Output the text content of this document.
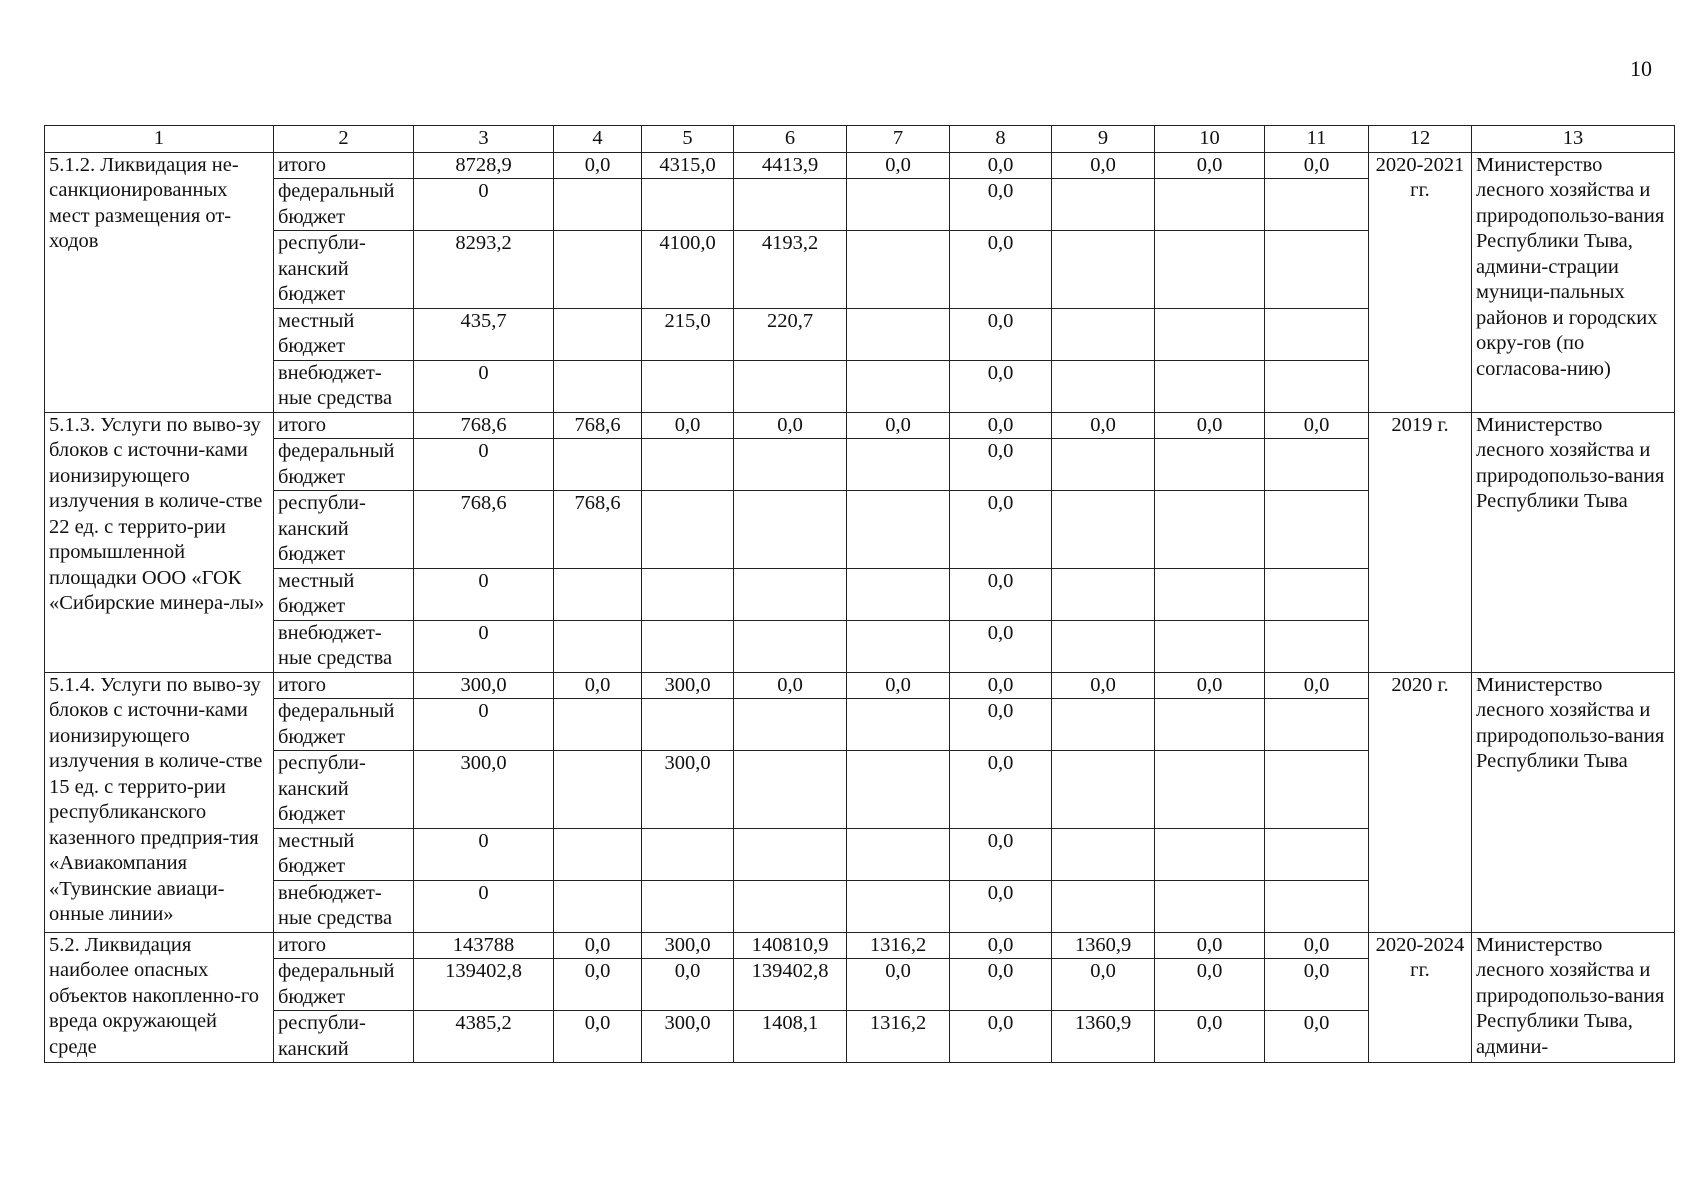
10
1	2	3	4	5	6	7	8	9	10	11	12	13
5.1.2. Ликвидация не-санкционированных мест размещения от-ходов	итого	8728,9	0,0	4315,0	4413,9	0,0	0,0	0,0	0,0	0,0	2020-2021 гг.	Министерство лесного хозяйства и природопользо-вания Республики Тыва, админи-страции муници-пальных районов и городских окру-гов (по согласова-нию)
	федеральный бюджет	0					0,0					
	республи-канский бюджет	8293,2		4100,0	4193,2		0,0					
	местный бюджет	435,7		215,0	220,7		0,0					
	внебюджет-ные средства	0					0,0					
5.1.3. Услуги по выво-зу блоков с источни-ками ионизирующего излучения в количе-стве 22 ед. с террито-рии промышленной площадки ООО «ГОК «Сибирские минера-лы»	итого	768,6	768,6	0,0	0,0	0,0	0,0	0,0	0,0	0,0	2019 г.	Министерство лесного хозяйства и природопользо-вания Республики Тыва
	федеральный бюджет	0					0,0					
	республи-канский бюджет	768,6	768,6				0,0					
	местный бюджет	0					0,0					
	внебюджет-ные средства	0					0,0					
5.1.4. Услуги по выво-зу блоков с источни-ками ионизирующего излучения в количе-стве 15 ед. с террито-рии республиканского казенного предприя-тия «Авиакомпания «Тувинские авиаци-онные линии»	итого	300,0	0,0	300,0	0,0	0,0	0,0	0,0	0,0	0,0	2020 г.	Министерство лесного хозяйства и природопользо-вания Республики Тыва
	федеральный бюджет	0					0,0					
	республи-канский бюджет	300,0		300,0			0,0					
	местный бюджет	0					0,0					
	внебюджет-ные средства	0					0,0					
5.2. Ликвидация наиболее опасных объектов накопленно-го вреда окружающей среде	итого	143788	0,0	300,0	140810,9	1316,2	0,0	1360,9	0,0	0,0	2020-2024 гг.	Министерство лесного хозяйства и природопользо-вания Республики Тыва, админи-
	федеральный бюджет	139402,8	0,0	0,0	139402,8	0,0	0,0	0,0	0,0	0,0		
	республи-канский	4385,2	0,0	300,0	1408,1	1316,2	0,0	1360,9	0,0	0,0		
